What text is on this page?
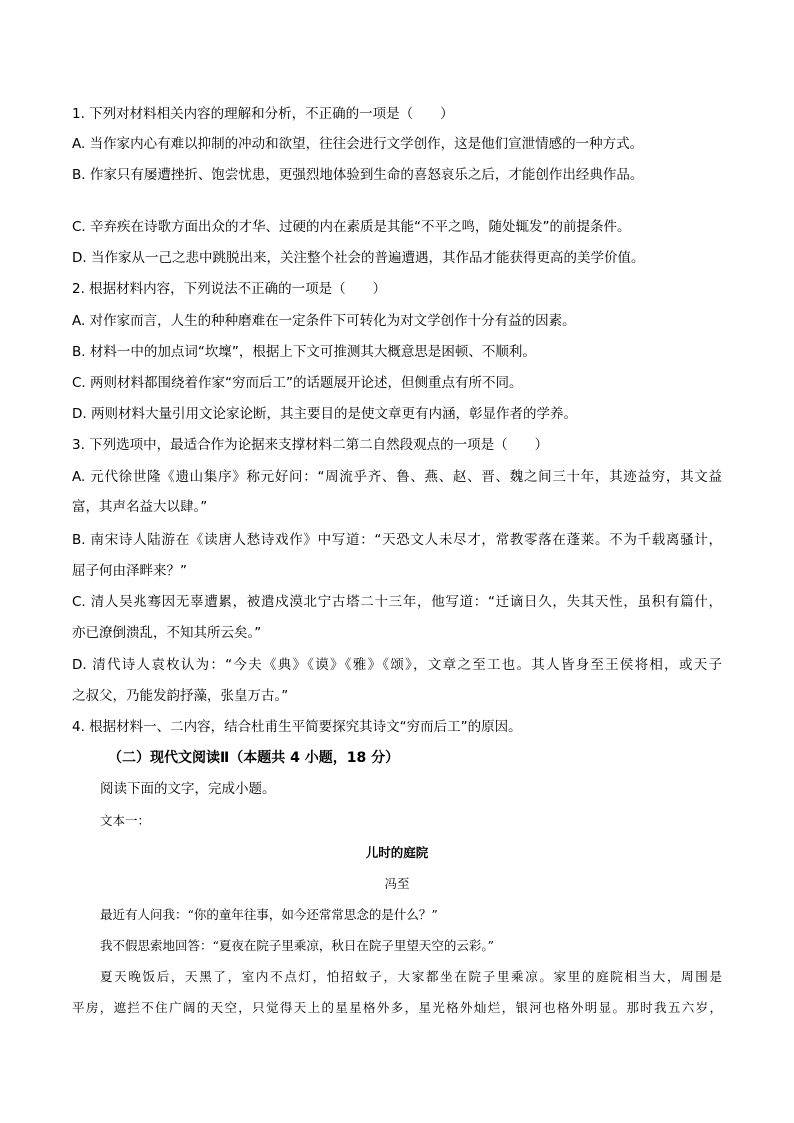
1. 下列对材料相关内容的理解和分析，不正确的一项是（　　）
A. 当作家内心有难以抑制的冲动和欲望，往往会进行文学创作，这是他们宣泄情感的一种方式。
B. 作家只有屡遭挫折、饱尝忧患，更强烈地体验到生命的喜怒哀乐之后，才能创作出经典作品。
C. 辛弃疾在诗歌方面出众的才华、过硬的内在素质是其能“不平之鸣，随处辄发”的前提条件。
D. 当作家从一己之悲中跳脱出来，关注整个社会的普遍遭遇，其作品才能获得更高的美学价值。
2. 根据材料内容，下列说法不正确的一项是（　　）
A. 对作家而言，人生的种种磨难在一定条件下可转化为对文学创作十分有益的因素。
B. 材料一中的加点词“坎壈”，根据上下文可推测其大概意思是困顿、不顺利。
C. 两则材料都围绕着作家“穷而后工”的话题展开论述，但侧重点有所不同。
D. 两则材料大量引用文论家论断，其主要目的是使文章更有内涵，彰显作者的学养。
3. 下列选项中，最适合作为论据来支撑材料二第二自然段观点的一项是（　　）
A. 元代徐世隆《遗山集序》称元好问：“周流乎齐、鲁、燕、赵、晋、魏之间三十年，其迹益穷，其文益
富，其声名益大以肆。”
B. 南宋诗人陆游在《读唐人愁诗戏作》中写道：“天恐文人未尽才，常教零落在蓬莱。不为千载离骚计，
屈子何由泽畔来？”
C. 清人吴兆骞因无辜遭累，被遣戍漠北宁古塔二十三年，他写道：“迁谪日久，失其天性，虽积有篇什，
亦已潦倒溃乱，不知其所云矣。”
D. 清代诗人袁枚认为：“今夫《典》《谟》《雅》《颂》，文章之至工也。其人皆身至王侯将相，或天子
之叔父，乃能发韵抒藻，张皇万古。”
4. 根据材料一、二内容，结合杜甫生平简要探究其诗文“穷而后工”的原因。
（二）现代文阅读Ⅱ（本题共 4 小题，18 分）
阅读下面的文字，完成小题。
文本一：
儿时的庭院
冯至
最近有人问我：“你的童年往事，如今还常常思念的是什么？”
我不假思索地回答：“夏夜在院子里乘凉，秋日在院子里望天空的云彩。”
夏天晚饭后，天黑了，室内不点灯，怕招蚊子，大家都坐在院子里乘凉。家里的庭院相当大，周围是
平房，遮拦不住广阔的天空，只觉得天上的星星格外多，星光格外灿烂，银河也格外明显。那时我五六岁，
